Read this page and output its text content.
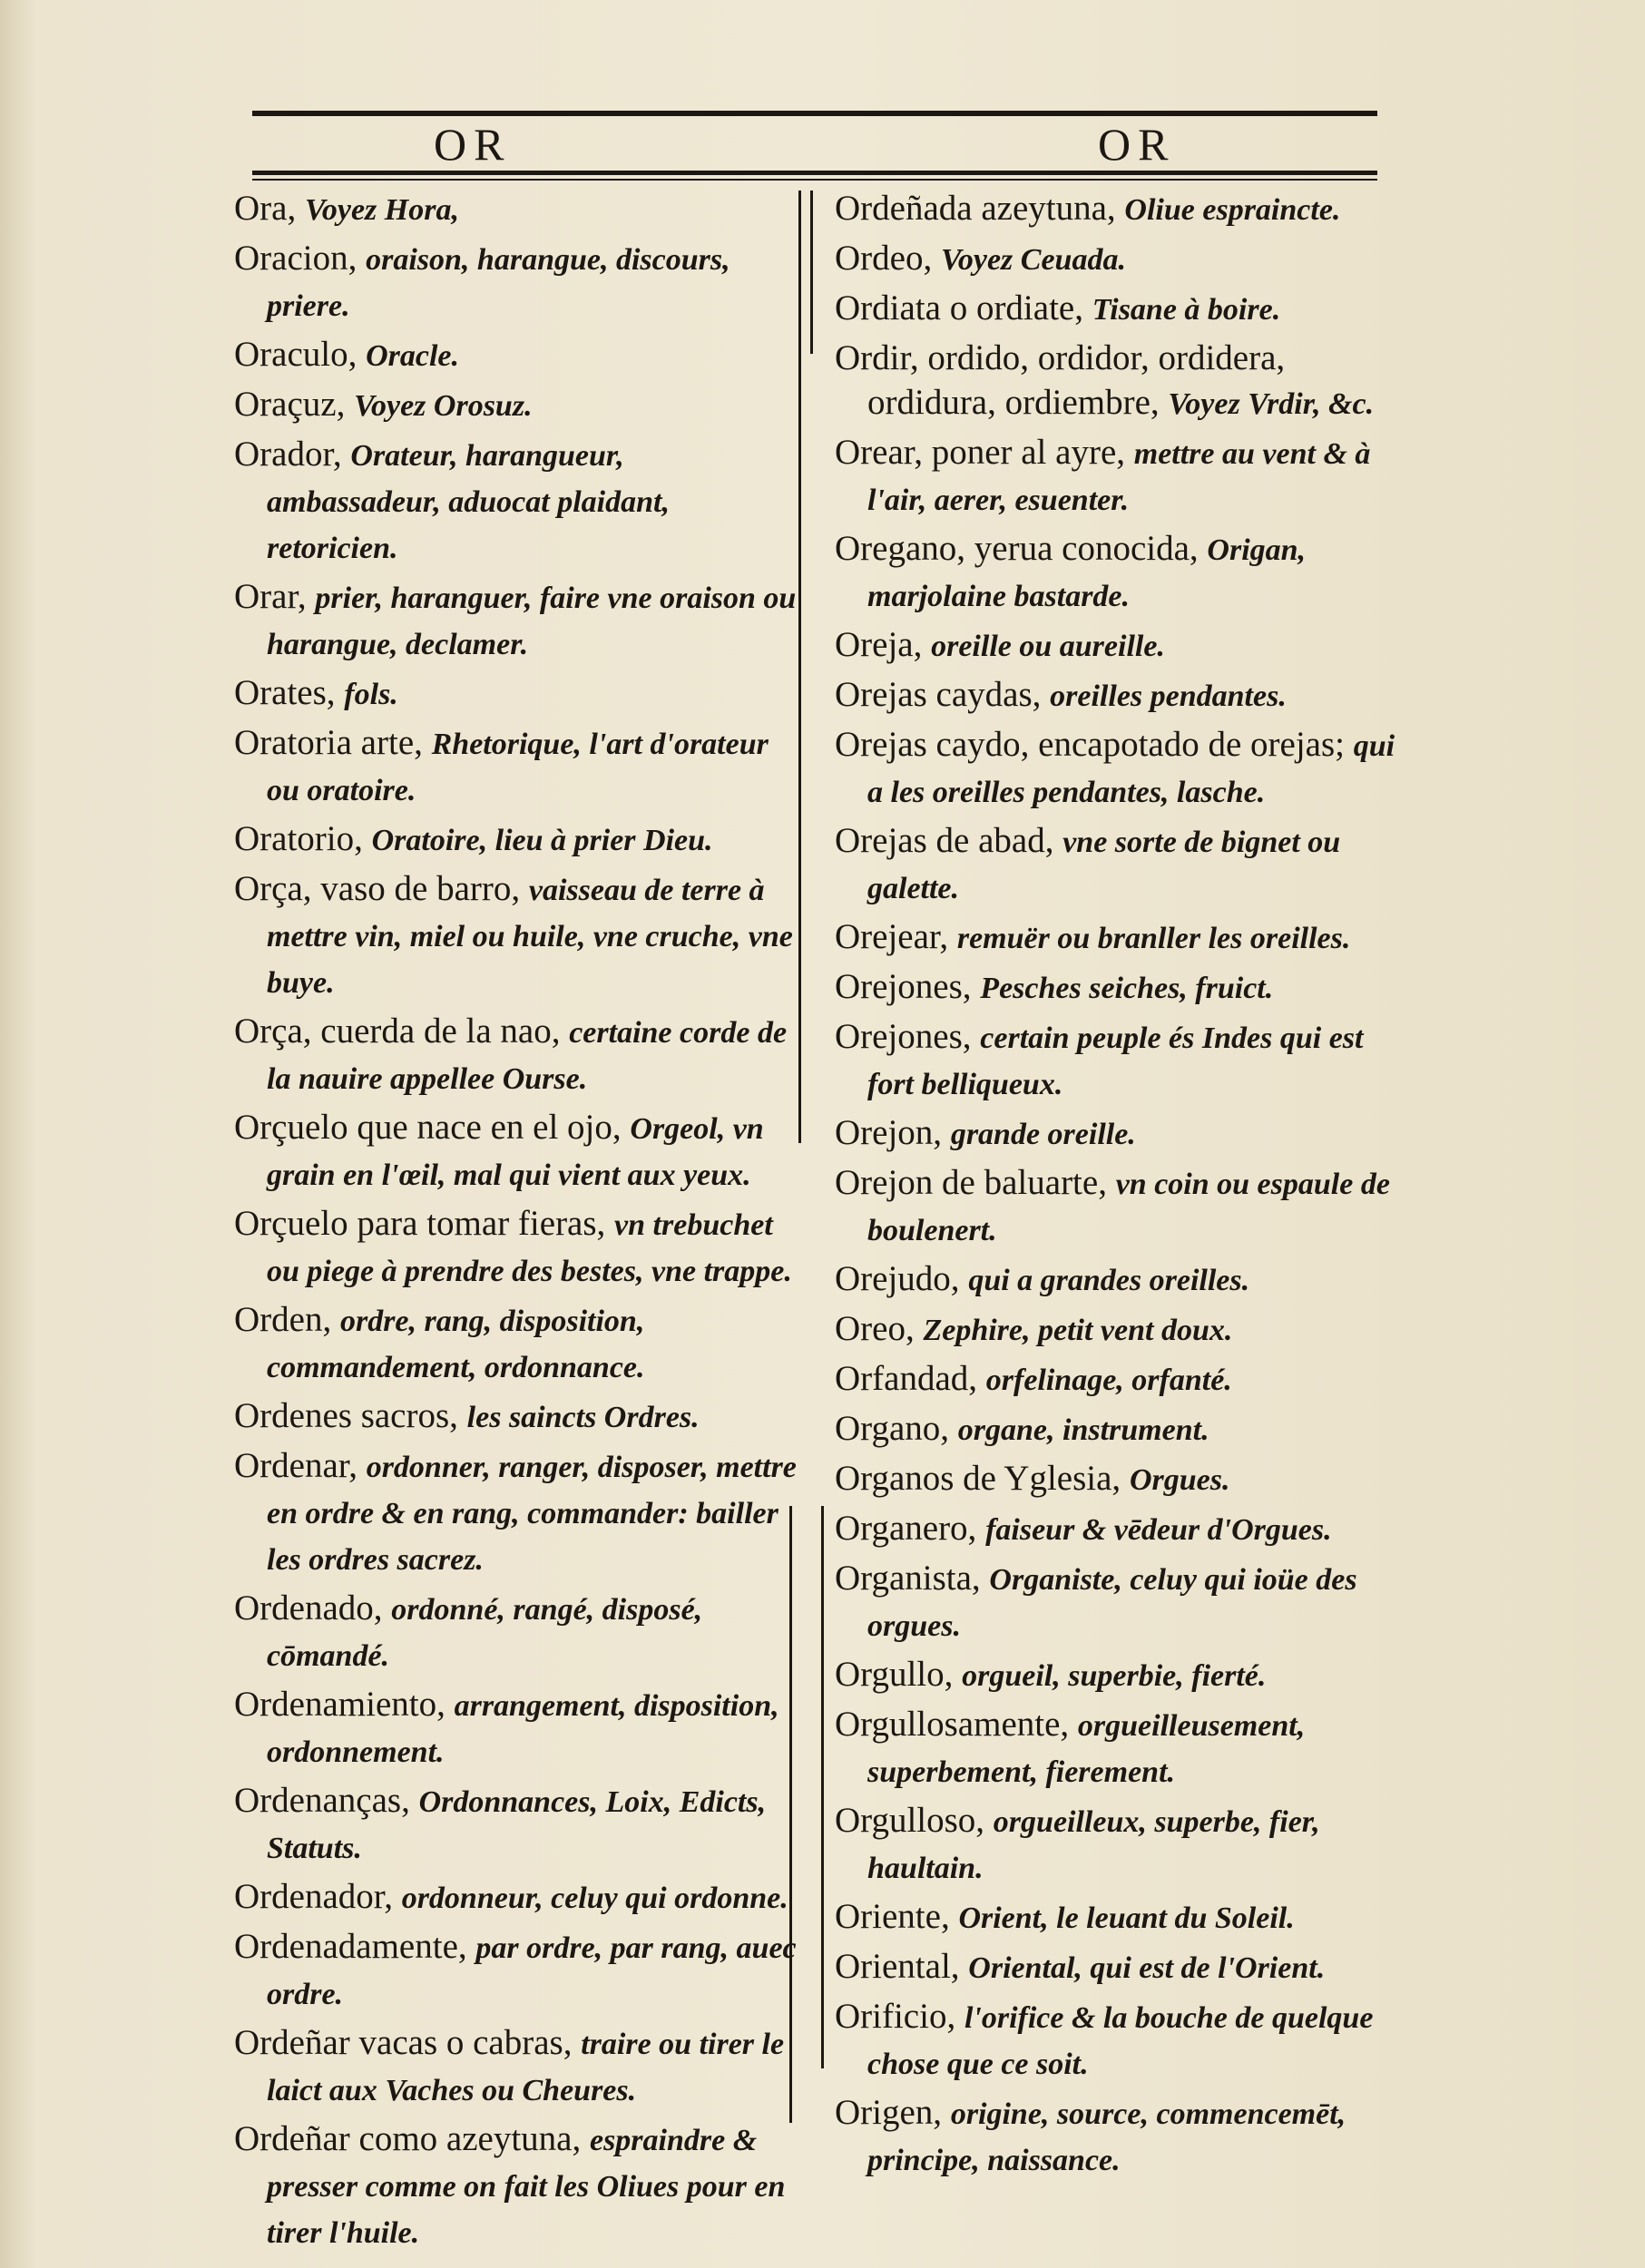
OR	OR
Ora, Voyez Hora,
Oracion, oraison, harangue, discours, priere.
Oraculo, Oracle.
Oraçuz, Voyez Orosuz.
Orador, Orateur, harangueur, ambassadeur, aduocat plaidant, retoricien.
Orar, prier, haranguer, faire vne oraison ou harangue, declamer.
Orates, fols.
Oratoria arte, Rhetorique, l'art d'orateur ou oratoire.
Oratorio, Oratoire, lieu à prier Dieu.
Orça, vaso de barro, vaisseau de terre à mettre vin, miel ou huile, vne cruche, vne buye.
Orça, cuerda de la nao, certaine corde de la nauire appellee Ourse.
Orçuelo que nace en el ojo, Orgeol, vn grain en l'œil, mal qui vient aux yeux.
Orçuelo para tomar fieras, vn trebuchet ou piege à prendre des bestes, vne trappe.
Orden, ordre, rang, disposition, commandement, ordonnance.
Ordenes sacros, les saincts Ordres.
Ordenar, ordonner, ranger, disposer, mettre en ordre & en rang, commander: bailler les ordres sacrez.
Ordenado, ordonné, rangé, disposé, cōmandé.
Ordenamiento, arrangement, disposition, ordonnement.
Ordenanças, Ordonnances, Loix, Edicts, Statuts.
Ordenador, ordonneur, celuy qui ordonne.
Ordenadamente, par ordre, par rang, auec ordre.
Ordeñar vacas o cabras, traire ou tirer le laict aux Vaches ou Cheures.
Ordeñar como azeytuna, espraindre & presser comme on fait les Oliues pour en tirer l'huile.
Ordeñada azeytuna, Oliue espraincte.
Ordeo, Voyez Ceuada.
Ordiata o ordiate, Tisane à boire.
Ordir, ordido, ordidor, ordidera, ordidura, ordiembre, Voyez Vrdir, &c.
Orear, poner al ayre, mettre au vent & à l'air, aerer, esuenter.
Oregano, yerua conocida, Origan, marjolaine bastarde.
Oreja, oreille ou aureille.
Orejas caydas, oreilles pendantes.
Orejas caydo, encapotado de orejas; qui a les oreilles pendantes, lasche.
Orejas de abad, vne sorte de bignet ou galette.
Orejear, remuër ou branller les oreilles.
Orejones, Pesches seiches, fruict.
Orejones, certain peuple és Indes qui est fort belliqueux.
Orejon, grande oreille.
Orejon de baluarte, vn coin ou espaule de boulenert.
Orejudo, qui a grandes oreilles.
Oreo, Zephire, petit vent doux.
Orfandad, orfelinage, orfanté.
Organo, organe, instrument.
Organos de Yglesia, Orgues.
Organero, faiseur & vēdeur d'Orgues.
Organista, Organiste, celuy qui ioüe des orgues.
Orgullo, orgueil, superbie, fierté.
Orgullosamente, orgueilleusement, superbement, fierement.
Orgulloso, orgueilleux, superbe, fier, haultain.
Oriente, Orient, le leuant du Soleil.
Oriental, Oriental, qui est de l'Orient.
Orificio, l'orifice & la bouche de quelque chose que ce soit.
Origen, origine, source, commencemēt, principe, naissance.
